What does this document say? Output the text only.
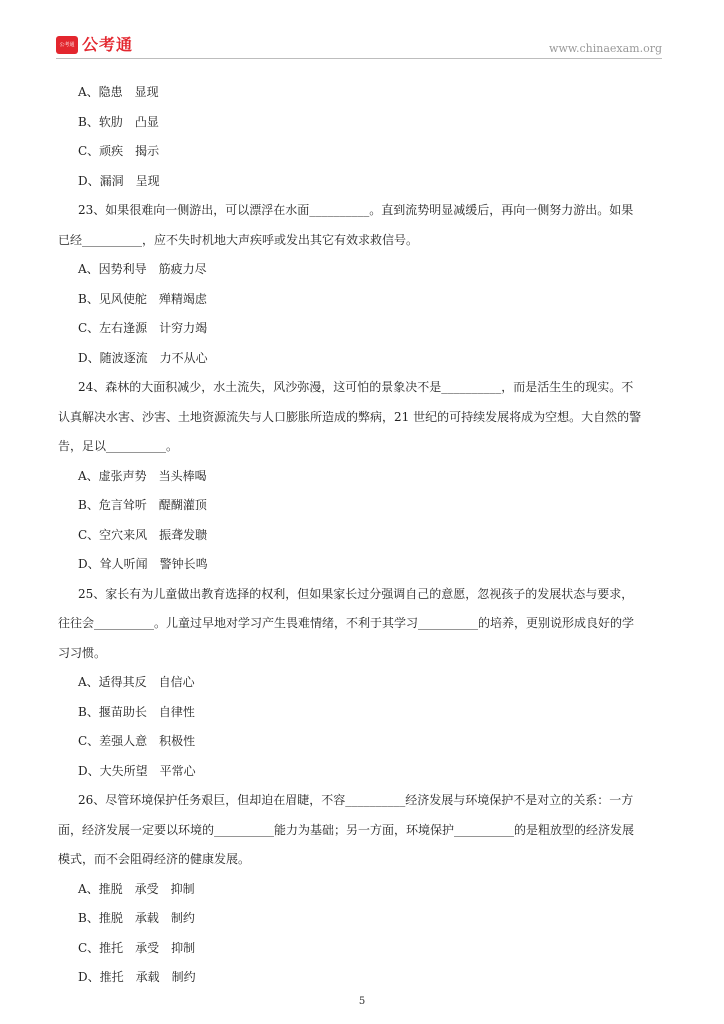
公考通 公考通	www.chinaexam.org
A、隐患　显现
B、软肋　凸显
C、顽疾　揭示
D、漏洞　呈现
23、如果很难向一侧游出，可以漂浮在水面__________。直到流势明显减缓后，再向一侧努力游出。如果
已经__________，应不失时机地大声疾呼或发出其它有效求救信号。
A、因势利导　筋疲力尽
B、见风使舵　殚精竭虑
C、左右逢源　计穷力竭
D、随波逐流　力不从心
24、森林的大面积减少，水土流失，风沙弥漫，这可怕的景象决不是__________，而是活生生的现实。不
认真解决水害、沙害、土地资源流失与人口膨胀所造成的弊病，21 世纪的可持续发展将成为空想。大自然的警
告，足以__________。
A、虚张声势　当头棒喝
B、危言耸听　醍醐灌顶
C、空穴来风　振聋发聩
D、耸人听闻　警钟长鸣
25、家长有为儿童做出教育选择的权利，但如果家长过分强调自己的意愿，忽视孩子的发展状态与要求，
往往会__________。儿童过早地对学习产生畏难情绪，不利于其学习__________的培养，更别说形成良好的学
习习惯。
A、适得其反　自信心
B、揠苗助长　自律性
C、差强人意　积极性
D、大失所望　平常心
26、尽管环境保护任务艰巨，但却迫在眉睫，不容__________经济发展与环境保护不是对立的关系：一方
面，经济发展一定要以环境的__________能力为基础；另一方面，环境保护__________的是粗放型的经济发展
模式，而不会阻碍经济的健康发展。
A、推脱　承受　抑制
B、推脱　承载　制约
C、推托　承受　抑制
D、推托　承载　制约
5
